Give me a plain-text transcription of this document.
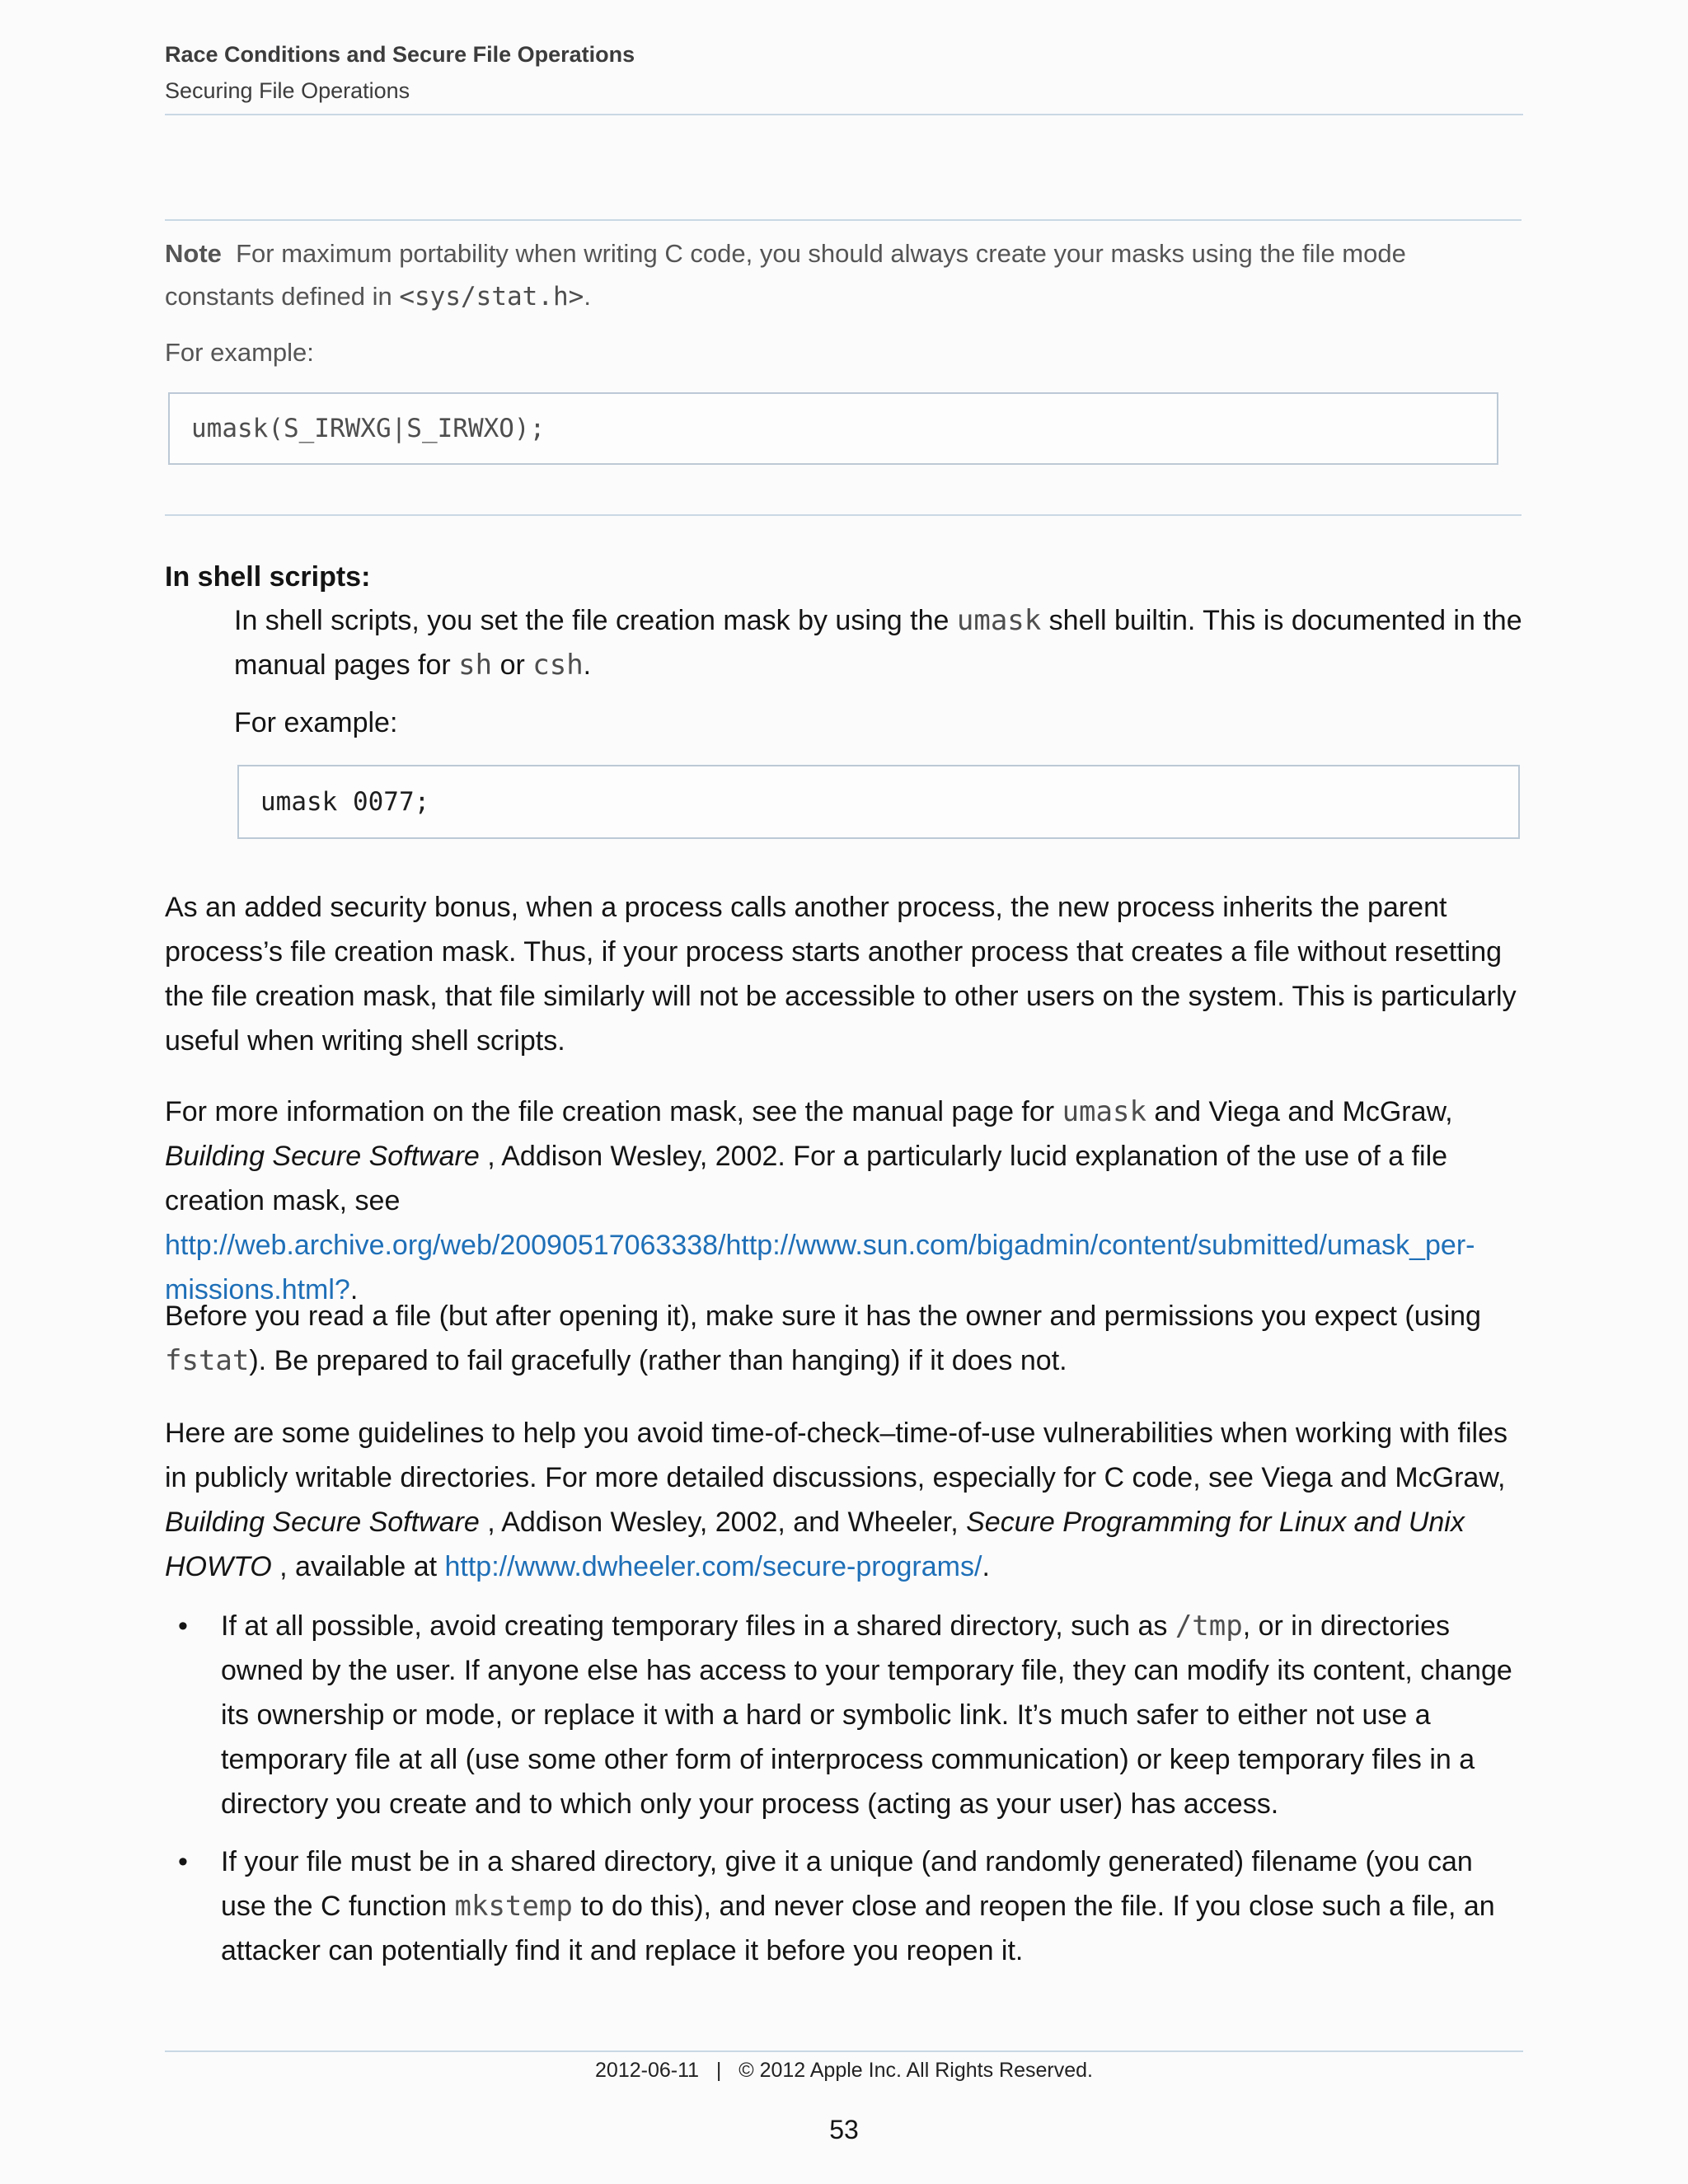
Race Conditions and Secure File Operations
Securing File Operations
Note For maximum portability when writing C code, you should always create your masks using the file mode constants defined in <sys/stat.h>.
For example:
umask(S_IRWXG|S_IRWXO);
In shell scripts:
In shell scripts, you set the file creation mask by using the umask shell builtin. This is documented in the manual pages for sh or csh.
For example:
umask 0077;

As an added security bonus, when a process calls another process, the new process inherits the parent process’s file creation mask. Thus, if your process starts another process that creates a file without resetting the file creation mask, that file similarly will not be accessible to other users on the system. This is particularly useful when writing shell scripts.

For more information on the file creation mask, see the manual page for umask and Viega and McGraw, Building Secure Software , Addison Wesley, 2002. For a particularly lucid explanation of the use of a file creation mask, see http://web.archive.org/web/20090517063338/http://www.sun.com/bigadmin/content/submitted/umask_per-
missions.html?.

Before you read a file (but after opening it), make sure it has the owner and permissions you expect (using fstat). Be prepared to fail gracefully (rather than hanging) if it does not.

Here are some guidelines to help you avoid time-of-check–time-of-use vulnerabilities when working with files in publicly writable directories. For more detailed discussions, especially for C code, see Viega and McGraw, Building Secure Software , Addison Wesley, 2002, and Wheeler, Secure Programming for Linux and Unix HOWTO , available at http://www.dwheeler.com/secure-programs/.

• If at all possible, avoid creating temporary files in a shared directory, such as /tmp, or in directories owned by the user. If anyone else has access to your temporary file, they can modify its content, change its ownership or mode, or replace it with a hard or symbolic link. It’s much safer to either not use a temporary file at all (use some other form of interprocess communication) or keep temporary files in a directory you create and to which only your process (acting as your user) has access.
• If your file must be in a shared directory, give it a unique (and randomly generated) filename (you can use the C function mkstemp to do this), and never close and reopen the file. If you close such a file, an attacker can potentially find it and replace it before you reopen it.
2012-06-11   |   © 2012 Apple Inc. All Rights Reserved.
53
